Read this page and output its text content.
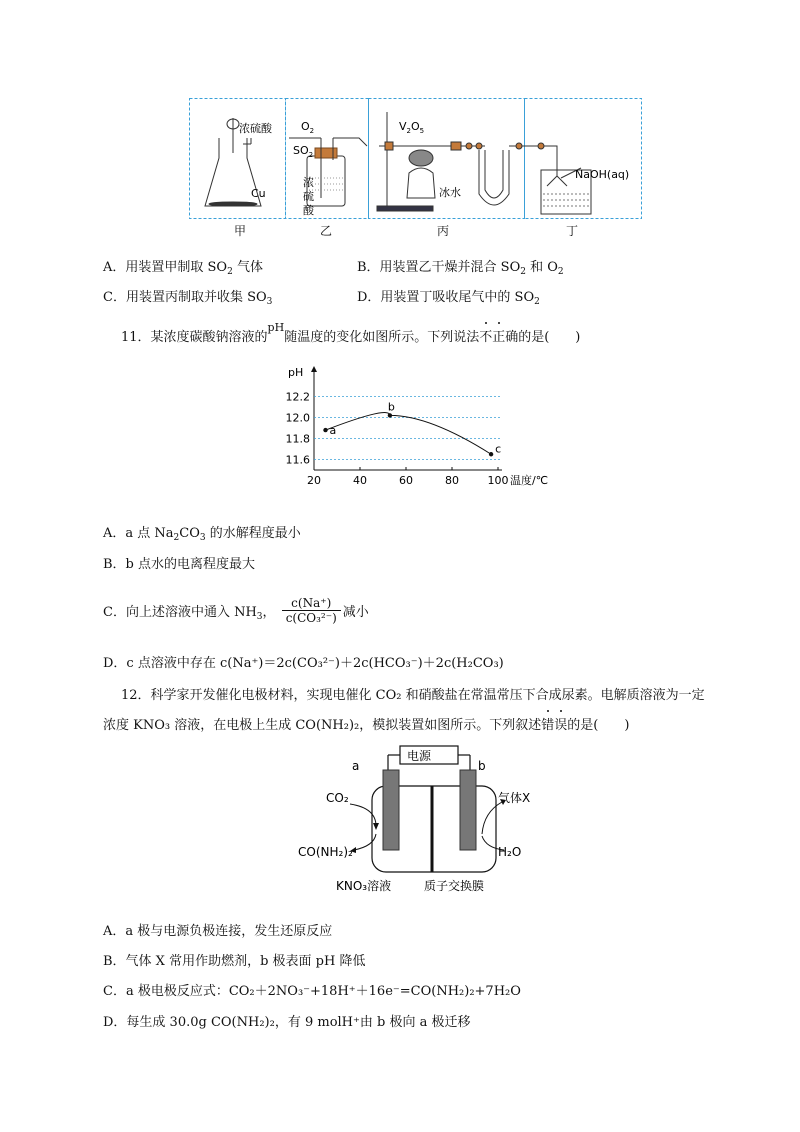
浓硫酸
Cu
$O_2$
$SO_2$
浓
硫
酸
$V_2O_5$
冰水
NaOH(aq)
甲	乙	丙	丁
A．用装置甲制取 $SO_2$ 气体	B．用装置乙干燥并混合 $SO_2$ 和 $O_2$
C．用装置丙制取并收集 $SO_3$	D．用装置丁吸收尾气中的 $SO_2$
11．某浓度碳酸钠溶液的$^{pH}$随温度的变化如图所示。下列说法不正确的是(　　)
11.6
11.8
12.0
12.2
20	40	60	80	100
pH
温度/℃
a
b
c
A．a 点 $Na_2CO_3$ 的水解程度最小
B．b 点水的电离程度最大
C．向上述溶液中通入 $NH_3$， $\frac{c(Na^+)}{\text{c(CO₃²⁻)}}$ 减小
D．c 点溶液中存在 c(Na⁺)＝2c(CO₃²⁻)＋2c(HCO₃⁻)＋2c(H₂CO₃)
12．科学家开发催化电极材料，实现电催化 CO₂ 和硝酸盐在常温常压下合成尿素。电解质溶液为一定
浓度 KNO₃ 溶液，在电极上生成 CO(NH₂)₂，模拟装置如图所示。下列叙述错误的是(　　)
a	b
电源
CO₂
CO(NH₂)₂
气体X
H₂O
KNO₃溶液	质子交换膜
A．a 极与电源负极连接，发生还原反应
B．气体 X 常用作助燃剂，b 极表面 pH 降低
C．a 极电极反应式：CO₂＋2NO₃⁻+18H⁺＋16e⁻=CO(NH₂)₂+7H₂O
D．每生成 30.0g CO(NH₂)₂，有 9 molH⁺由 b 极向 a 极迁移
